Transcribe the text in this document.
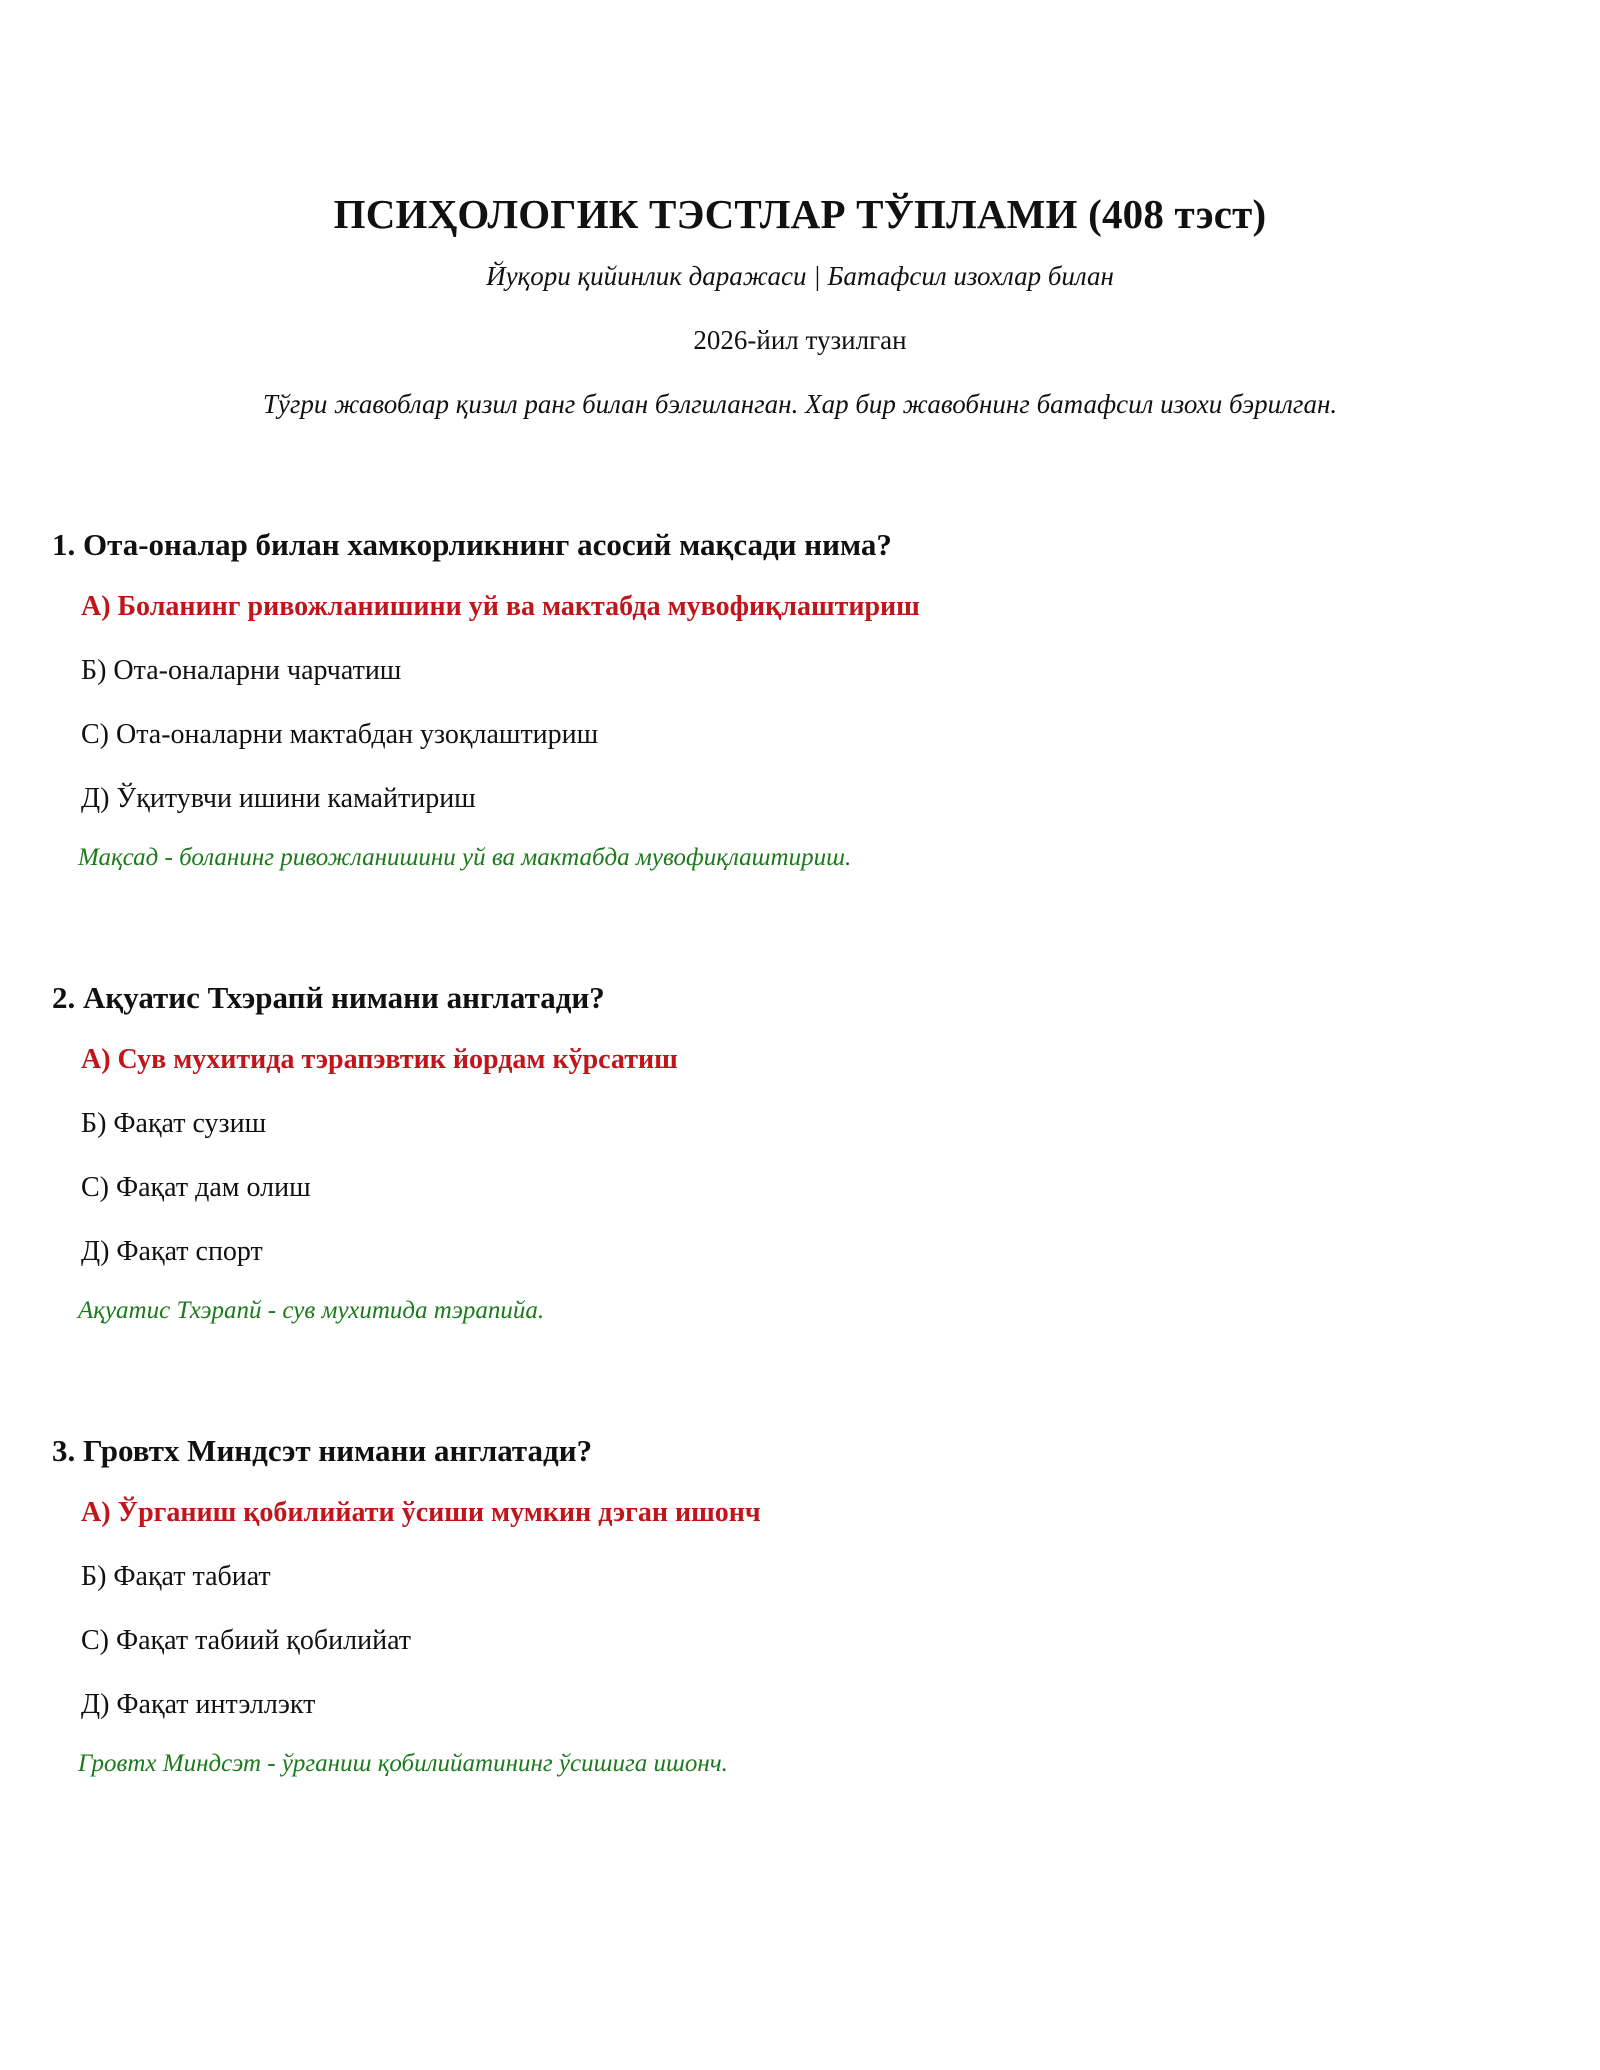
ПСИҲОЛОГИК ТЭСТЛАР ТЎПЛАМИ (408 тэст)

Йуқори қийинлик даражаси | Батафсил изохлар билан

2026-йил тузилган

Тўгри жавоблар қизил ранг билан бэлгиланган. Хар бир жавобнинг батафсил изохи бэрилган.

1. Ота-оналар билан хамкорликнинг асосий мақсади нима?

А) Боланинг ривожланишини уй ва мактабда мувофиқлаштириш
Б) Ота-оналарни чарчатиш
С) Ота-оналарни мактабдан узоқлаштириш
Д) Ўқитувчи ишини камайтириш

Мақсад - боланинг ривожланишини уй ва мактабда мувофиқлаштириш.

2. Ақуатис Тхэрапй нимани англатади?

А) Сув мухитида тэрапэвтик йордам кўрсатиш
Б) Фақат сузиш
С) Фақат дам олиш
Д) Фақат спорт

Ақуатис Тхэрапй - сув мухитида тэрапийа.

3. Гровтх Миндсэт нимани англатади?

А) Ўрганиш қобилийати ўсиши мумкин дэган ишонч
Б) Фақат табиат
С) Фақат табиий қобилийат
Д) Фақат интэллэкт

Гровтх Миндсэт - ўрганиш қобилийатининг ўсишига ишонч.
